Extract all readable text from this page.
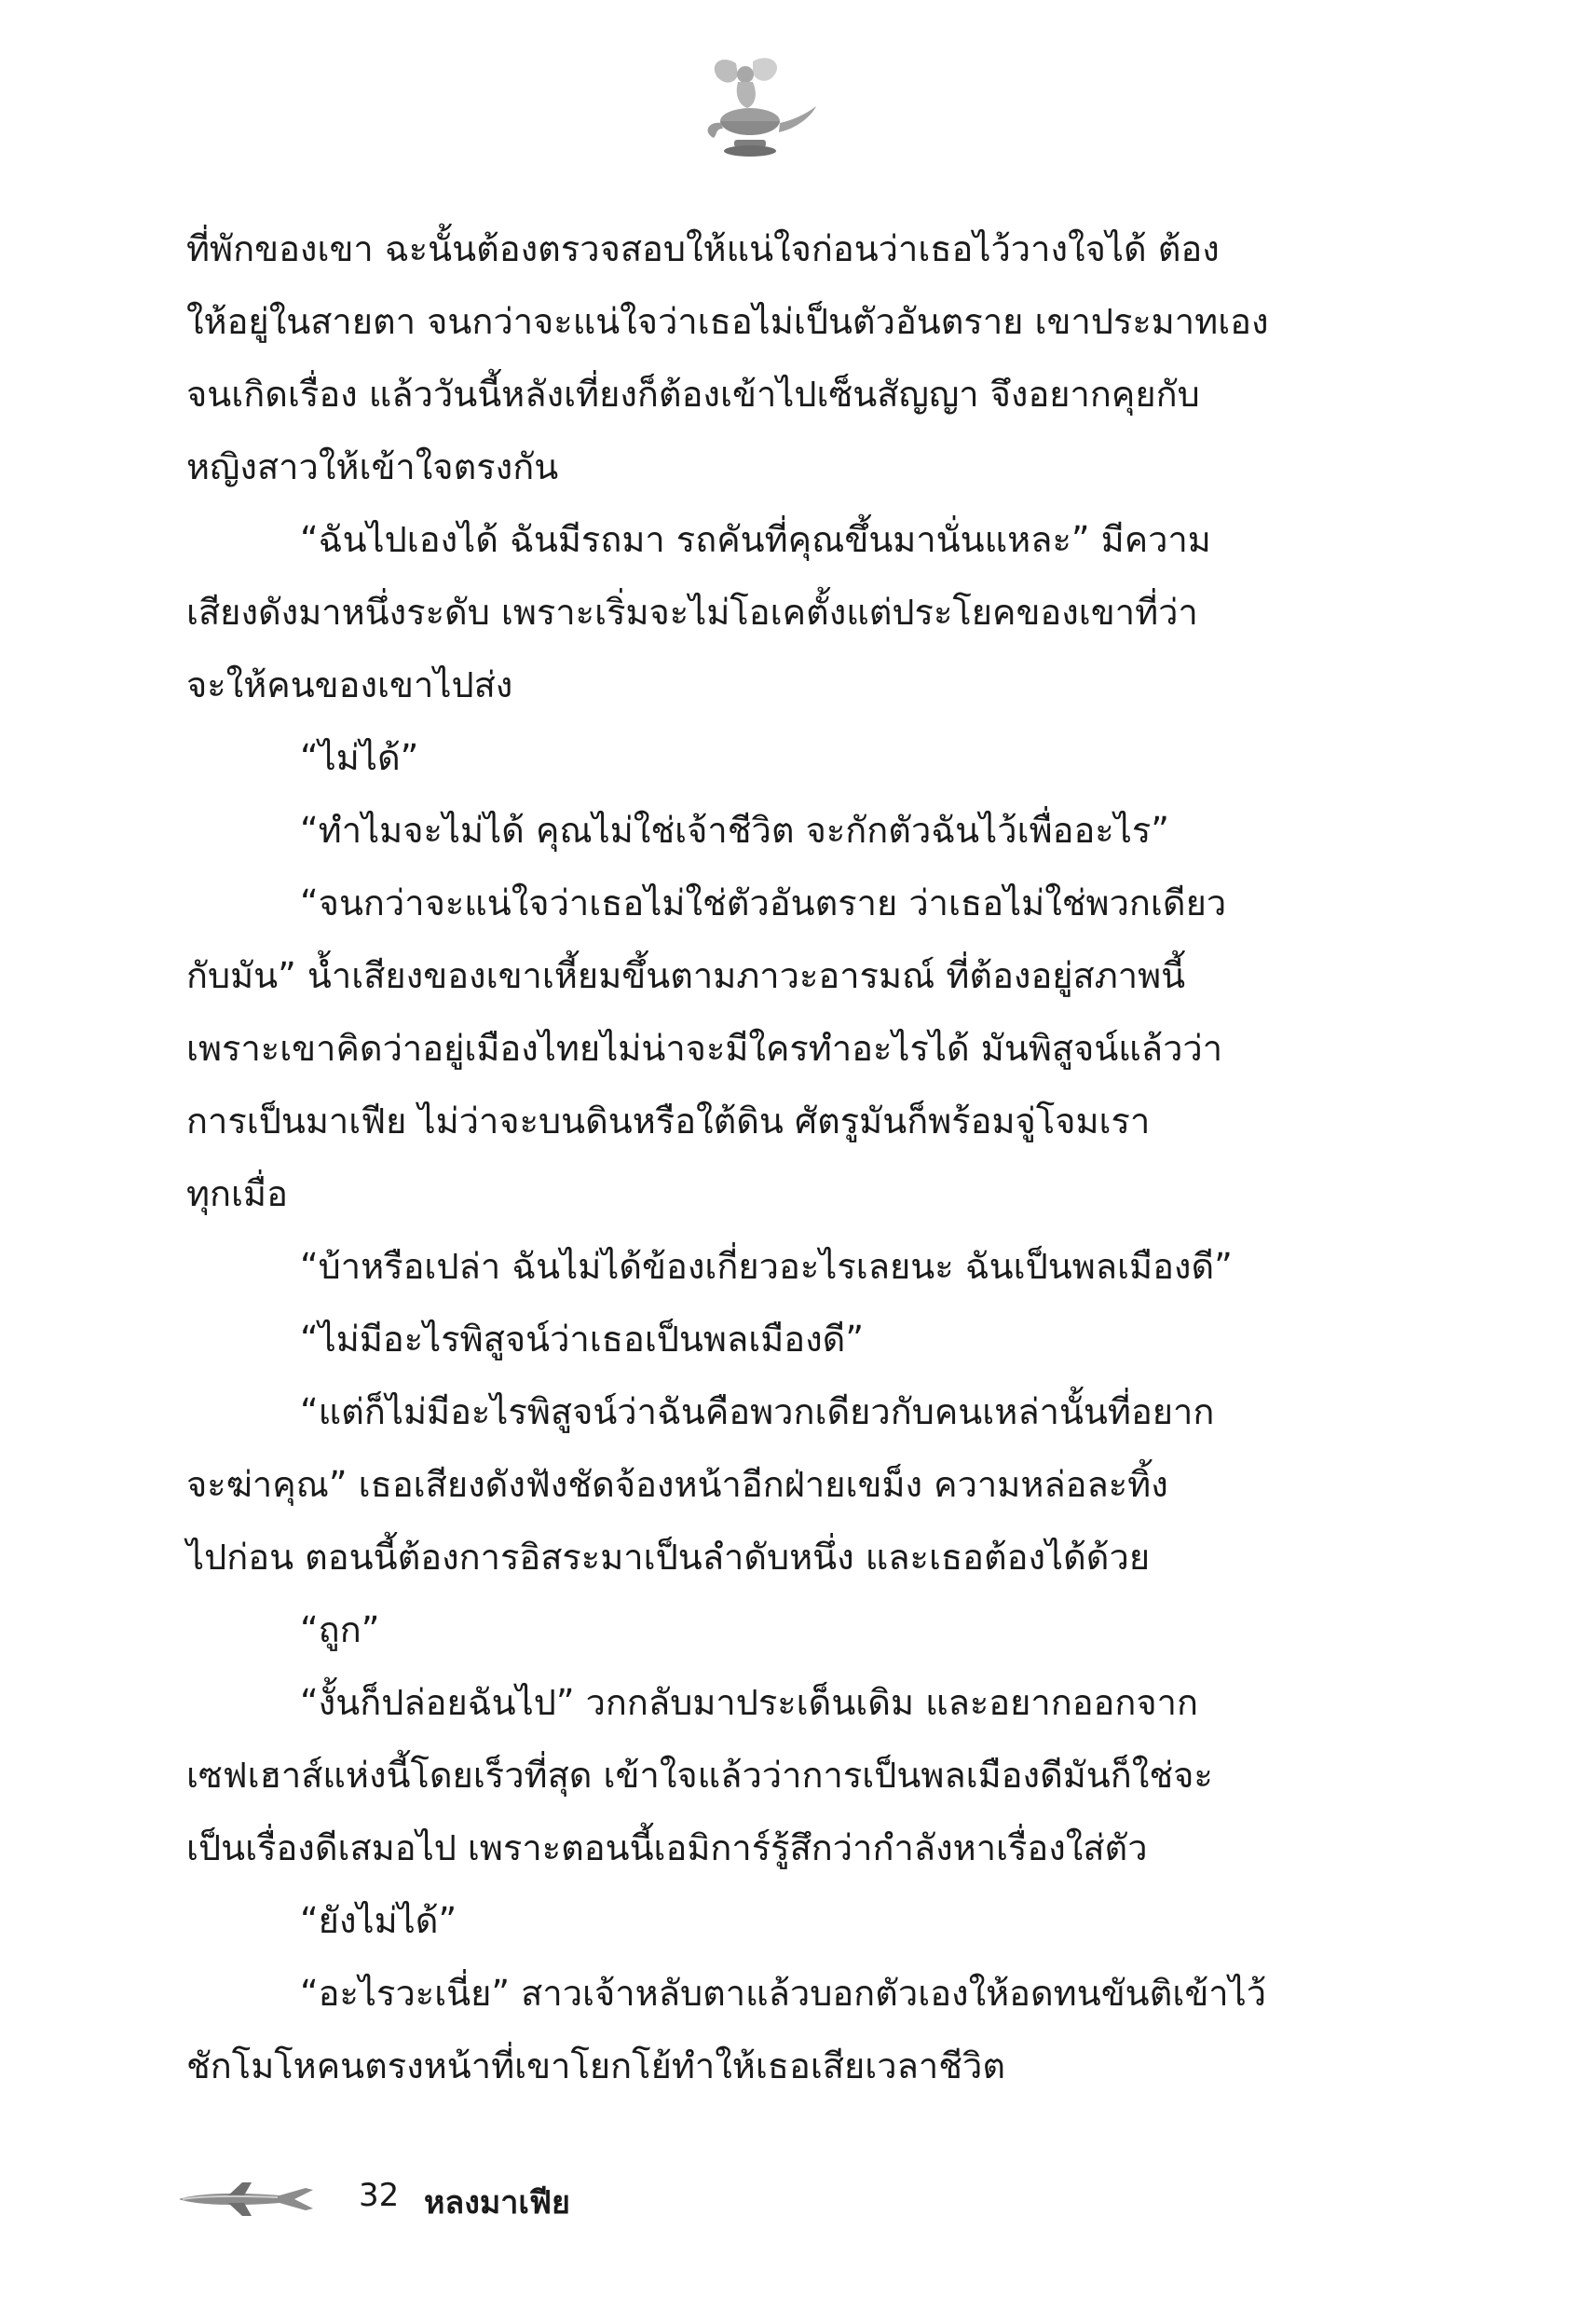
ที่พักของเขา ฉะนั้นต้องตรวจสอบให้แน่ใจก่อนว่าเธอไว้วางใจได้ ต้อง
ให้อยู่ในสายตา จนกว่าจะแน่ใจว่าเธอไม่เป็นตัวอันตราย เขาประมาทเอง
จนเกิดเรื่อง แล้ววันนี้หลังเที่ยงก็ต้องเข้าไปเซ็นสัญญา จึงอยากคุยกับ
หญิงสาวให้เข้าใจตรงกัน
“ฉันไปเองได้ ฉันมีรถมา รถคันที่คุณขึ้นมานั่นแหละ” มีความ
เสียงดังมาหนึ่งระดับ เพราะเริ่มจะไม่โอเคตั้งแต่ประโยคของเขาที่ว่า
จะให้คนของเขาไปส่ง
“ไม่ได้”
“ทำไมจะไม่ได้ คุณไม่ใช่เจ้าชีวิต จะกักตัวฉันไว้เพื่ออะไร”
“จนกว่าจะแน่ใจว่าเธอไม่ใช่ตัวอันตราย ว่าเธอไม่ใช่พวกเดียว
กับมัน” น้ำเสียงของเขาเหี้ยมขึ้นตามภาวะอารมณ์ ที่ต้องอยู่สภาพนี้
เพราะเขาคิดว่าอยู่เมืองไทยไม่น่าจะมีใครทำอะไรได้ มันพิสูจน์แล้วว่า
การเป็นมาเฟีย ไม่ว่าจะบนดินหรือใต้ดิน ศัตรูมันก็พร้อมจู่โจมเรา
ทุกเมื่อ
“บ้าหรือเปล่า ฉันไม่ได้ข้องเกี่ยวอะไรเลยนะ ฉันเป็นพลเมืองดี”
“ไม่มีอะไรพิสูจน์ว่าเธอเป็นพลเมืองดี”
“แต่ก็ไม่มีอะไรพิสูจน์ว่าฉันคือพวกเดียวกับคนเหล่านั้นที่อยาก
จะฆ่าคุณ” เธอเสียงดังฟังชัดจ้องหน้าอีกฝ่ายเขม็ง ความหล่อละทิ้ง
ไปก่อน ตอนนี้ต้องการอิสระมาเป็นลำดับหนึ่ง และเธอต้องได้ด้วย
“ถูก”
“งั้นก็ปล่อยฉันไป” วกกลับมาประเด็นเดิม และอยากออกจาก
เซฟเฮาส์แห่งนี้โดยเร็วที่สุด เข้าใจแล้วว่าการเป็นพลเมืองดีมันก็ใช่จะ
เป็นเรื่องดีเสมอไป เพราะตอนนี้เอมิการ์รู้สึกว่ากำลังหาเรื่องใส่ตัว
“ยังไม่ได้”
“อะไรวะเนี่ย” สาวเจ้าหลับตาแล้วบอกตัวเองให้อดทนขันติเข้าไว้
ชักโมโหคนตรงหน้าที่เขาโยกโย้ทำให้เธอเสียเวลาชีวิต
32 หลงมาเฟีย
